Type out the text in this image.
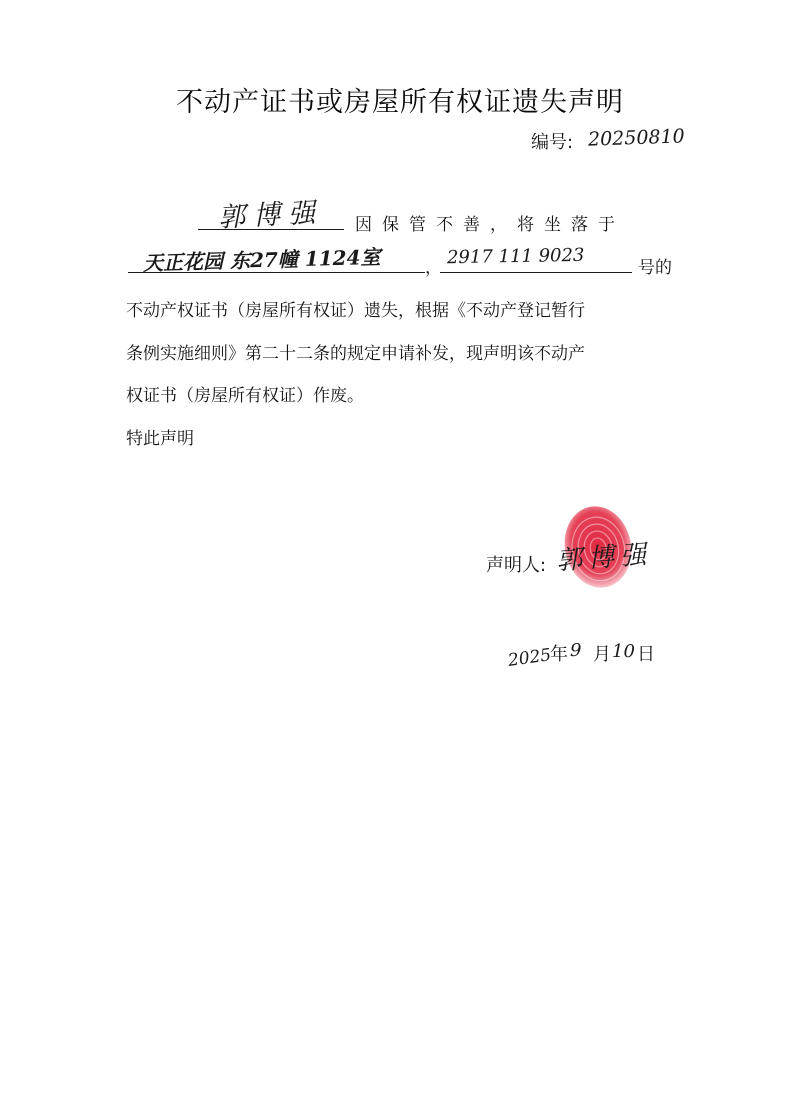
不动产证书或房屋所有权证遗失声明
编号: 20250810
郭博强 因保管不善，将坐落于
天正花园 东27幢 1124室	， 2917 111 9023	号的
不动产权证书（房屋所有权证）遗失，根据《不动产登记暂行
条例实施细则》第二十二条的规定申请补发，现声明该不动产
权证书（房屋所有权证）作废。
特此声明
声明人: 郭博强
2025
年 9 月 10 日
